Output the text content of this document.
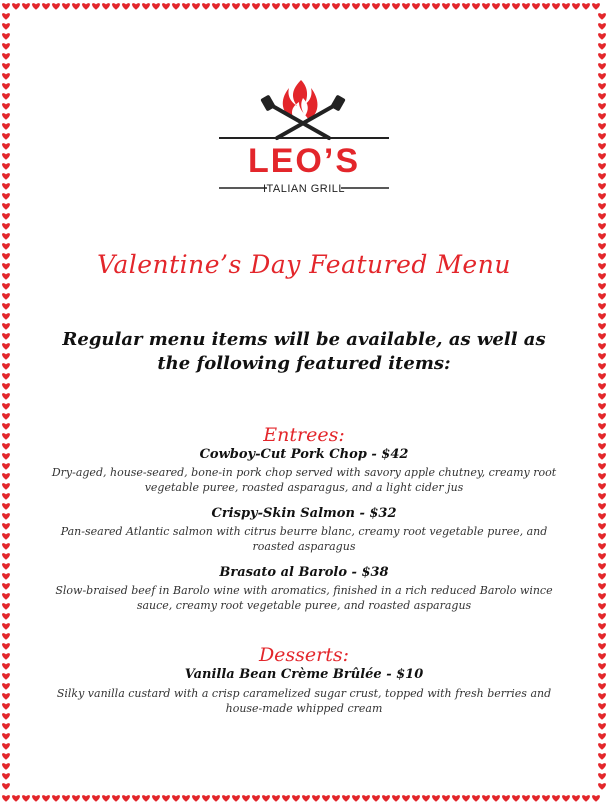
LEO’S
ITALIAN GRILL
Valentine’s Day Featured Menu
Regular menu items will be available, as well as the following featured items:
Entrees:
Cowboy-Cut Pork Chop - $42
Dry-aged, house-seared, bone-in pork chop served with savory apple chutney, creamy root vegetable puree, roasted asparagus, and a light cider jus
Crispy-Skin Salmon - $32
Pan-seared Atlantic salmon with citrus beurre blanc, creamy root vegetable puree, and roasted asparagus
Brasato al Barolo - $38
Slow-braised beef in Barolo wine with aromatics, finished in a rich reduced Barolo wince sauce, creamy root vegetable puree, and roasted asparagus
Desserts:
Vanilla Bean Crème Brûlée - $10
Silky vanilla custard with a crisp caramelized sugar crust, topped with fresh berries and house-made whipped cream
